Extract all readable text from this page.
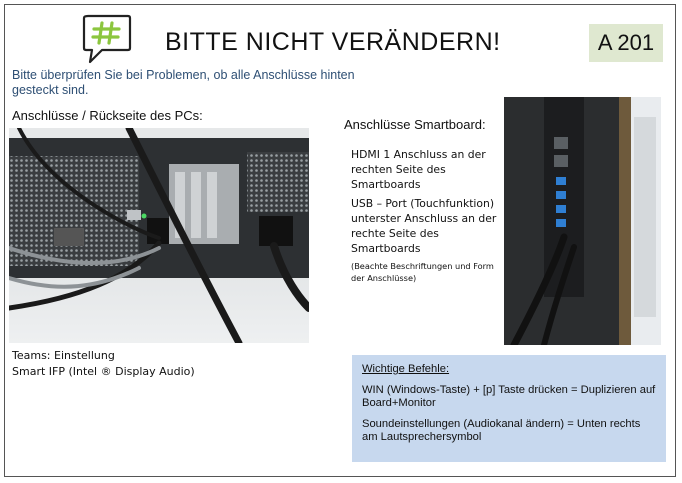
BITTE NICHT VERÄNDERN!	A 201
Bitte überprüfen Sie bei Problemen, ob alle Anschlüsse hinten gesteckt sind.
Anschlüsse / Rückseite des PCs:
Anschlüsse Smartboard:

HDMI 1 Anschluss an der rechten Seite des Smartboards

USB – Port (Touchfunktion) unterster Anschluss an der rechte Seite des Smartboards

(Beachte Beschriftungen und Form der Anschlüsse)

Teams: Einstellung
Smart IFP (Intel ® Display Audio)	Wichtige Befehle:

WIN (Windows-Taste) + [p] Taste drücken = Duplizieren auf Board+Monitor

Soundeinstellungen (Audiokanal ändern) = Unten rechts am Lautsprechersymbol
